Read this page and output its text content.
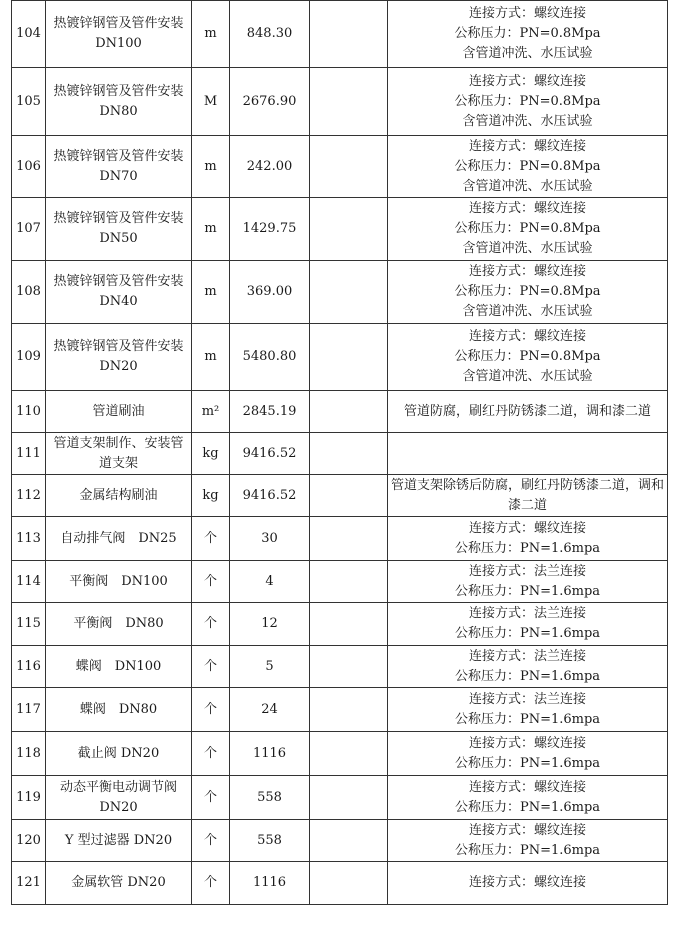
104	热镀锌钢管及管件安装 DN100	m	848.30		连接方式：螺纹连接
公称压力：PN=0.8Mpa
含管道冲洗、水压试验

105	热镀锌钢管及管件安装 DN80	M	2676.90		连接方式：螺纹连接
公称压力：PN=0.8Mpa
含管道冲洗、水压试验

106	热镀锌钢管及管件安装 DN70	m	242.00		连接方式：螺纹连接
公称压力：PN=0.8Mpa
含管道冲洗、水压试验

107	热镀锌钢管及管件安装 DN50	m	1429.75		连接方式：螺纹连接
公称压力：PN=0.8Mpa
含管道冲洗、水压试验

108	热镀锌钢管及管件安装 DN40	m	369.00		连接方式：螺纹连接
公称压力：PN=0.8Mpa
含管道冲洗、水压试验

109	热镀锌钢管及管件安装 DN20	m	5480.80		连接方式：螺纹连接
公称压力：PN=0.8Mpa
含管道冲洗、水压试验

110	管道刷油	m²	2845.19		管道防腐，刷红丹防锈漆二道，调和漆二道

111	管道支架制作、安装管道支架	kg	9416.52		
112	金属结构刷油	kg	9416.52		管道支架除锈后防腐，刷红丹防锈漆二道，调和漆二道

113	自动排气阀　DN25	个	30		连接方式：螺纹连接
公称压力：PN=1.6mpa

114	平衡阀　DN100	个	4		连接方式：法兰连接
公称压力：PN=1.6mpa

115	平衡阀　DN80	个	12		连接方式：法兰连接
公称压力：PN=1.6mpa

116	蝶阀　DN100	个	5		连接方式：法兰连接
公称压力：PN=1.6mpa

117	蝶阀　DN80	个	24		连接方式：法兰连接
公称压力：PN=1.6mpa

118	截止阀 DN20	个	1116		连接方式：螺纹连接
公称压力：PN=1.6mpa

119	动态平衡电动调节阀 DN20	个	558		连接方式：螺纹连接
公称压力：PN=1.6mpa

120	Y 型过滤器 DN20	个	558		连接方式：螺纹连接
公称压力：PN=1.6mpa

121	金属软管 DN20	个	1116		连接方式：螺纹连接
